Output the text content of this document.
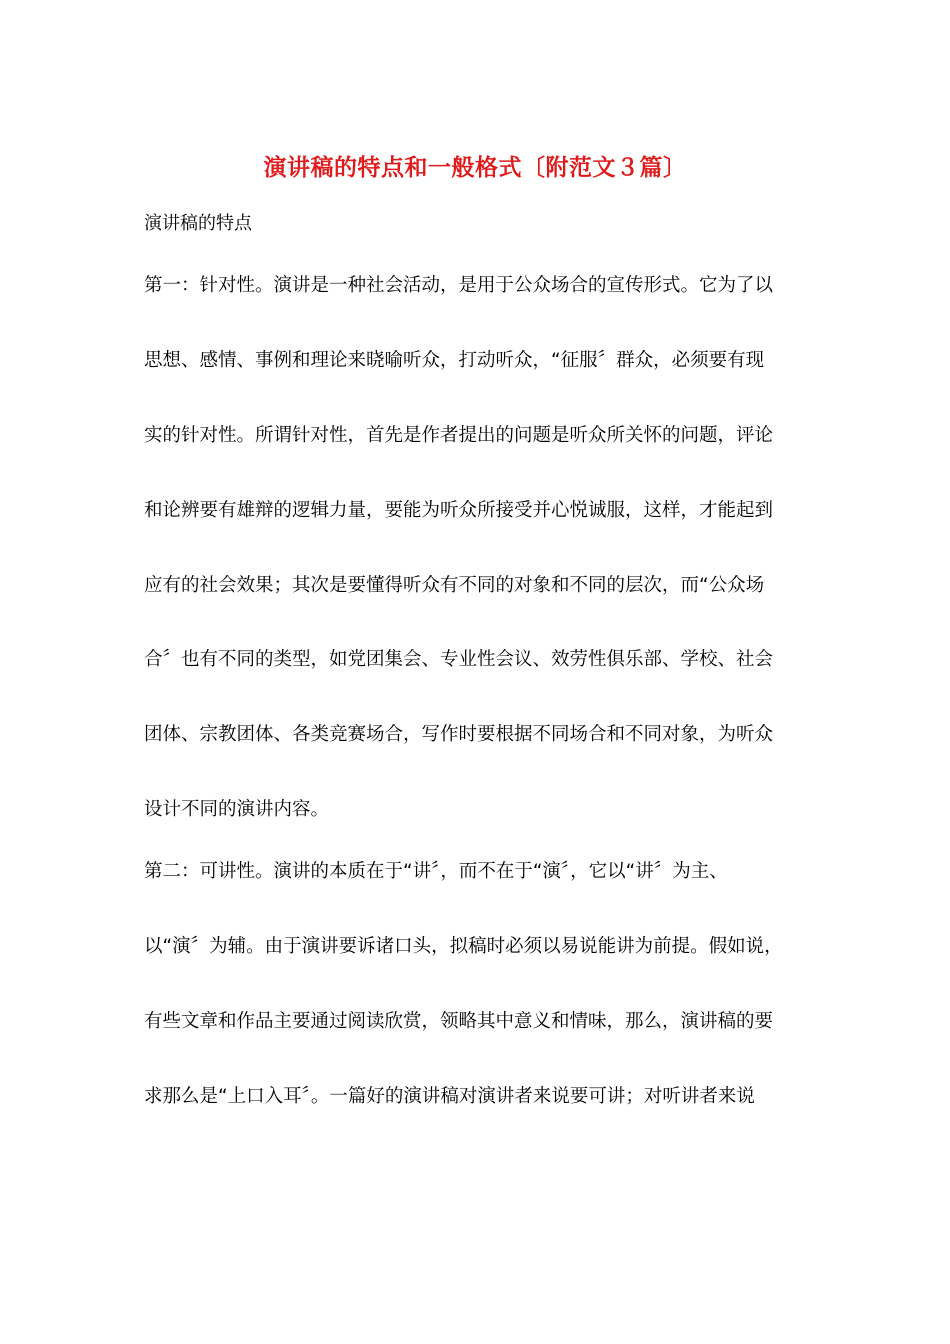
演讲稿的特点和一般格式〔附范文３篇〕
演讲稿的特点
第一：针对性。演讲是一种社会活动，是用于公众场合的宣传形式。它为了以
思想、感情、事例和理论来晓喻听众，打动听众，“征服〞群众，必须要有现
实的针对性。所谓针对性，首先是作者提出的问题是听众所关怀的问题，评论
和论辨要有雄辩的逻辑力量，要能为听众所接受并心悦诚服，这样，才能起到
应有的社会效果；其次是要懂得听众有不同的对象和不同的层次，而“公众场
合〞也有不同的类型，如党团集会、专业性会议、效劳性俱乐部、学校、社会
团体、宗教团体、各类竞赛场合，写作时要根据不同场合和不同对象，为听众
设计不同的演讲内容。
第二：可讲性。演讲的本质在于“讲〞，而不在于“演〞，它以“讲〞为主、
以“演〞为辅。由于演讲要诉诸口头，拟稿时必须以易说能讲为前提。假如说，
有些文章和作品主要通过阅读欣赏，领略其中意义和情味，那么，演讲稿的要
求那么是“上口入耳〞。一篇好的演讲稿对演讲者来说要可讲；对听讲者来说
